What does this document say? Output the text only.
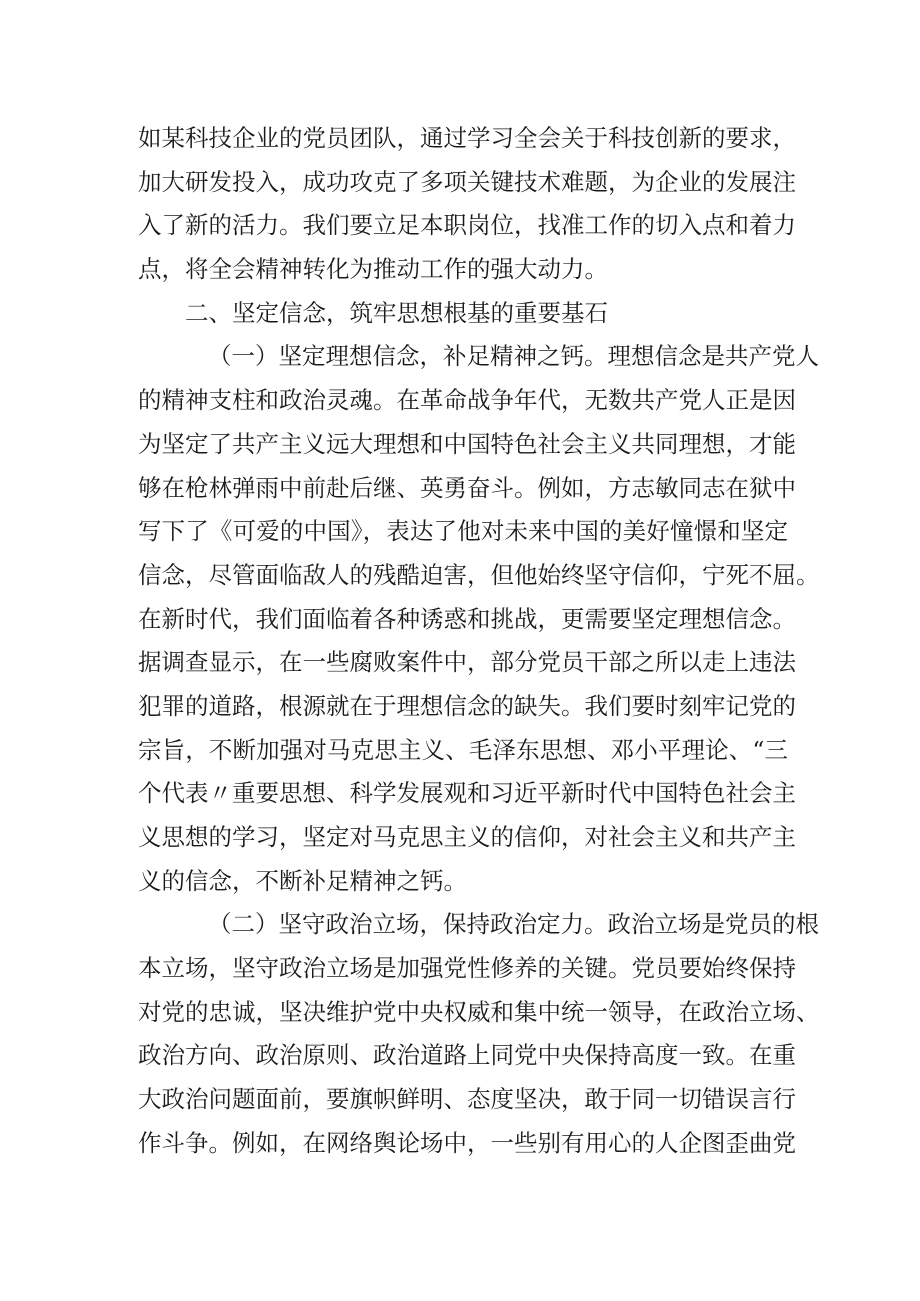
如某科技企业的党员团队，通过学习全会关于科技创新的要求，
加大研发投入，成功攻克了多项关键技术难题，为企业的发展注
入了新的活力。我们要立足本职岗位，找准工作的切入点和着力
点，将全会精神转化为推动工作的强大动力。
二、坚定信念，筑牢思想根基的重要基石
（一）坚定理想信念，补足精神之钙。理想信念是共产党人
的精神支柱和政治灵魂。在革命战争年代，无数共产党人正是因
为坚定了共产主义远大理想和中国特色社会主义共同理想，才能
够在枪林弹雨中前赴后继、英勇奋斗。例如，方志敏同志在狱中
写下了《可爱的中国》，表达了他对未来中国的美好憧憬和坚定
信念，尽管面临敌人的残酷迫害，但他始终坚守信仰，宁死不屈。
在新时代，我们面临着各种诱惑和挑战，更需要坚定理想信念。
据调查显示，在一些腐败案件中，部分党员干部之所以走上违法
犯罪的道路，根源就在于理想信念的缺失。我们要时刻牢记党的
宗旨，不断加强对马克思主义、毛泽东思想、邓小平理论、“三
个代表〃重要思想、科学发展观和习近平新时代中国特色社会主
义思想的学习，坚定对马克思主义的信仰，对社会主义和共产主
义的信念，不断补足精神之钙。
（二）坚守政治立场，保持政治定力。政治立场是党员的根
本立场，坚守政治立场是加强党性修养的关键。党员要始终保持
对党的忠诚，坚决维护党中央权威和集中统一领导，在政治立场、
政治方向、政治原则、政治道路上同党中央保持高度一致。在重
大政治问题面前，要旗帜鲜明、态度坚决，敢于同一切错误言行
作斗争。例如，在网络舆论场中，一些别有用心的人企图歪曲党
